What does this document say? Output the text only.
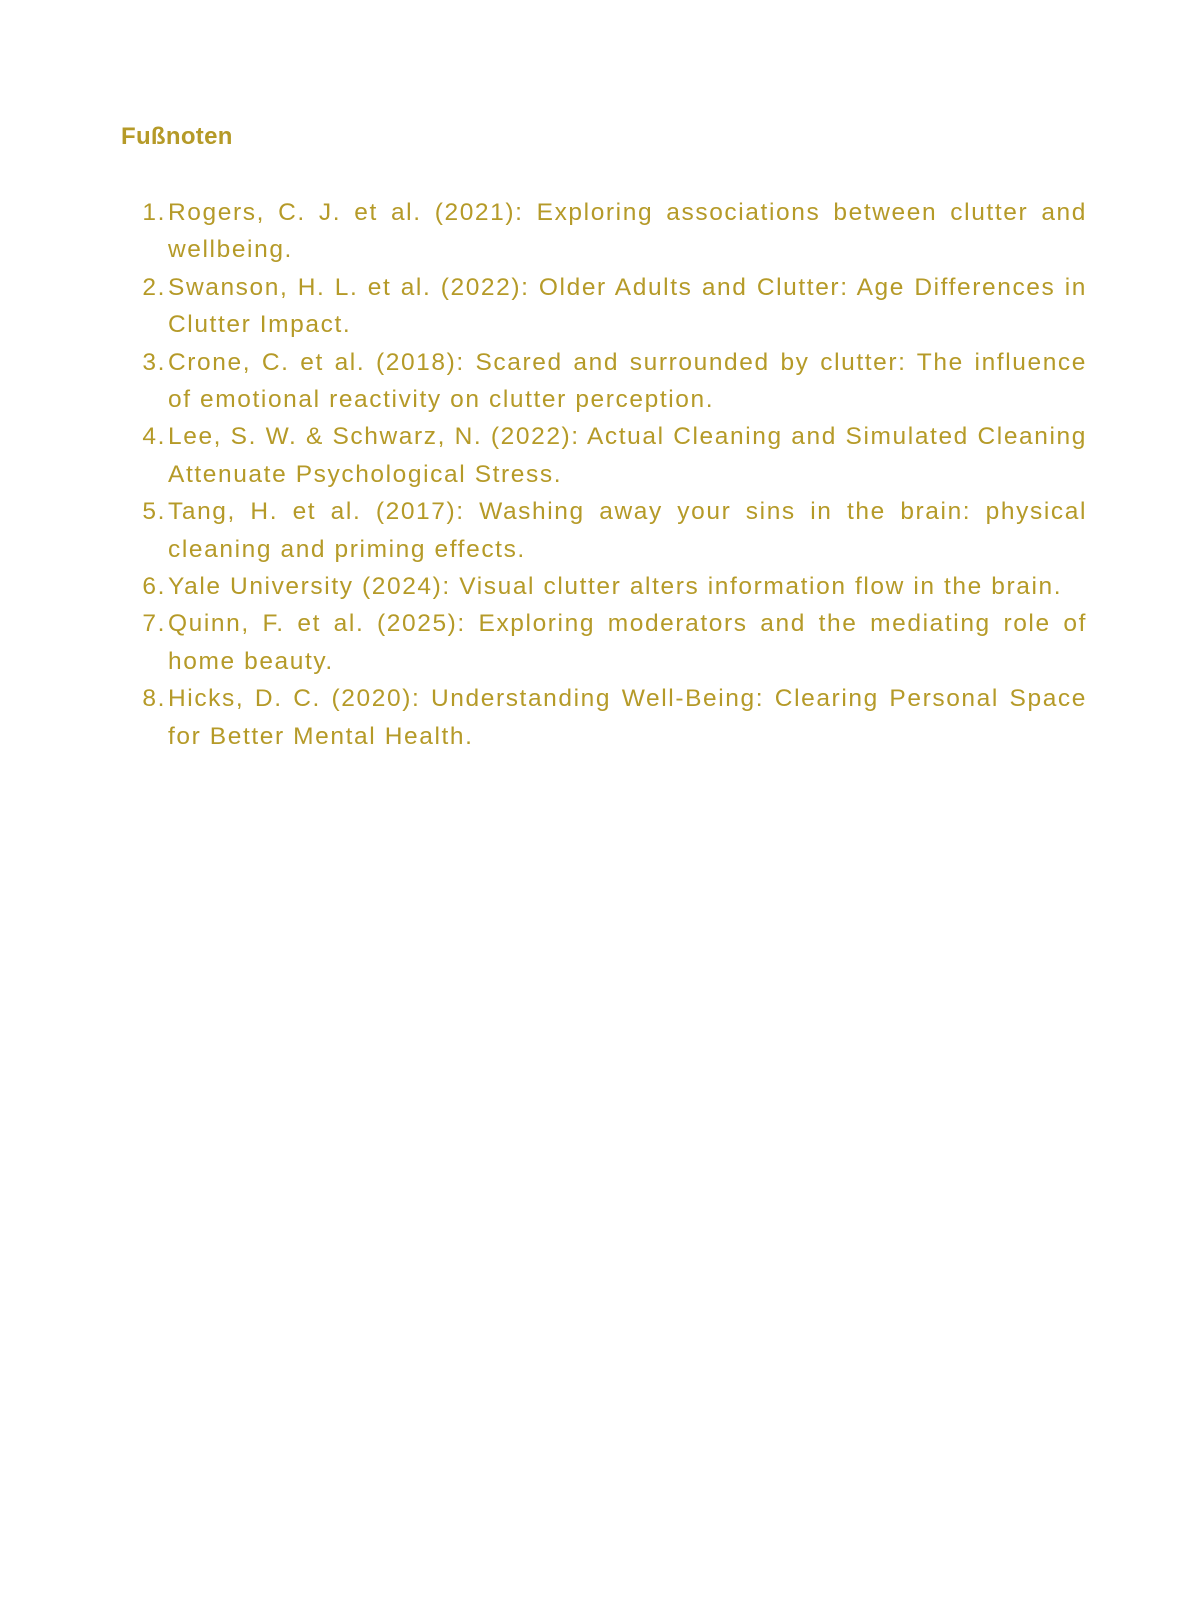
Fußnoten
1. Rogers, C. J. et al. (2021): Exploring associations between clutter and wellbeing.
2. Swanson, H. L. et al. (2022): Older Adults and Clutter: Age Differences in Clutter Impact.
3. Crone, C. et al. (2018): Scared and surrounded by clutter: The influence of emotional reactivity on clutter perception.
4. Lee, S. W. & Schwarz, N. (2022): Actual Cleaning and Simulated Cleaning Attenuate Psychological Stress.
5. Tang, H. et al. (2017): Washing away your sins in the brain: physical cleaning and priming effects.
6. Yale University (2024): Visual clutter alters information flow in the brain.
7. Quinn, F. et al. (2025): Exploring moderators and the mediating role of home beauty.
8. Hicks, D. C. (2020): Understanding Well-Being: Clearing Personal Space for Better Mental Health.
